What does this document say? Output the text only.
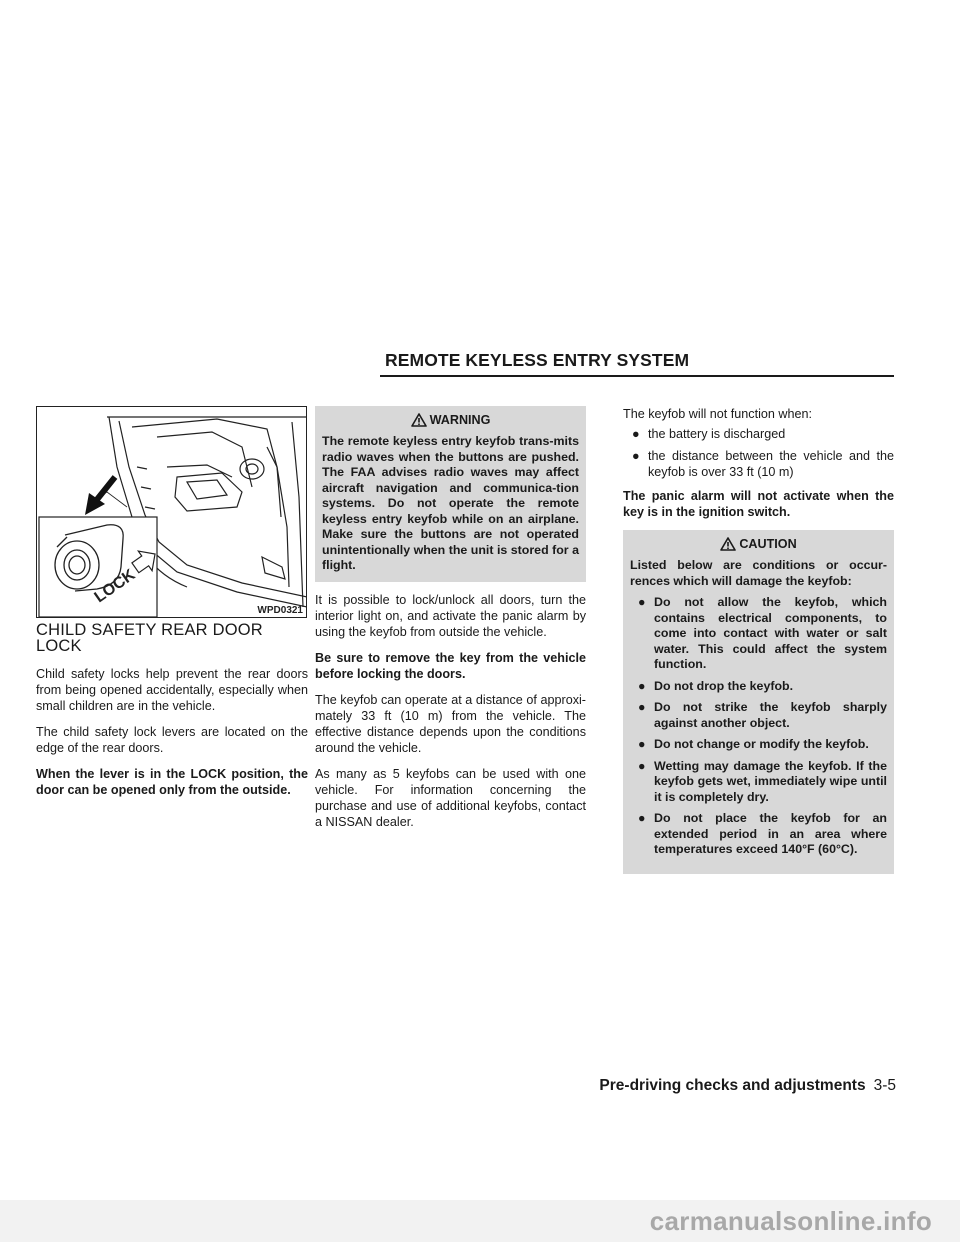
REMOTE KEYLESS ENTRY SYSTEM
LOCK
WPD0321
CHILD SAFETY REAR DOOR LOCK

Child safety locks help prevent the rear doors from being opened accidentally, especially when small children are in the vehicle.

The child safety lock levers are located on the edge of the rear doors.

When the lever is in the LOCK position, the door can be opened only from the outside.

WARNING
The remote keyless entry keyfob trans-mits radio waves when the buttons are pushed. The FAA advises radio waves may affect aircraft navigation and communica-tion systems. Do not operate the remote keyless entry keyfob while on an airplane. Make sure the buttons are not operated unintentionally when the unit is stored for a flight.

It is possible to lock/unlock all doors, turn the interior light on, and activate the panic alarm by using the keyfob from outside the vehicle.

Be sure to remove the key from the vehicle before locking the doors.

The keyfob can operate at a distance of approxi-mately 33 ft (10 m) from the vehicle. The effective distance depends upon the conditions around the vehicle.

As many as 5 keyfobs can be used with one vehicle. For information concerning the purchase and use of additional keyfobs, contact a NISSAN dealer.

The keyfob will not function when:

● the battery is discharged
● the distance between the vehicle and the keyfob is over 33 ft (10 m)

The panic alarm will not activate when the key is in the ignition switch.

CAUTION

Listed below are conditions or occur-rences which will damage the keyfob:

● Do not allow the keyfob, which contains electrical components, to come into contact with water or salt water. This could affect the system function.
● Do not drop the keyfob.
● Do not strike the keyfob sharply against another object.
● Do not change or modify the keyfob.
● Wetting may damage the keyfob. If the keyfob gets wet, immediately wipe until it is completely dry.
● Do not place the keyfob for an extended period in an area where temperatures exceed 140°F (60°C).
Pre-driving checks and adjustments 3-5
carmanualsonline.info
